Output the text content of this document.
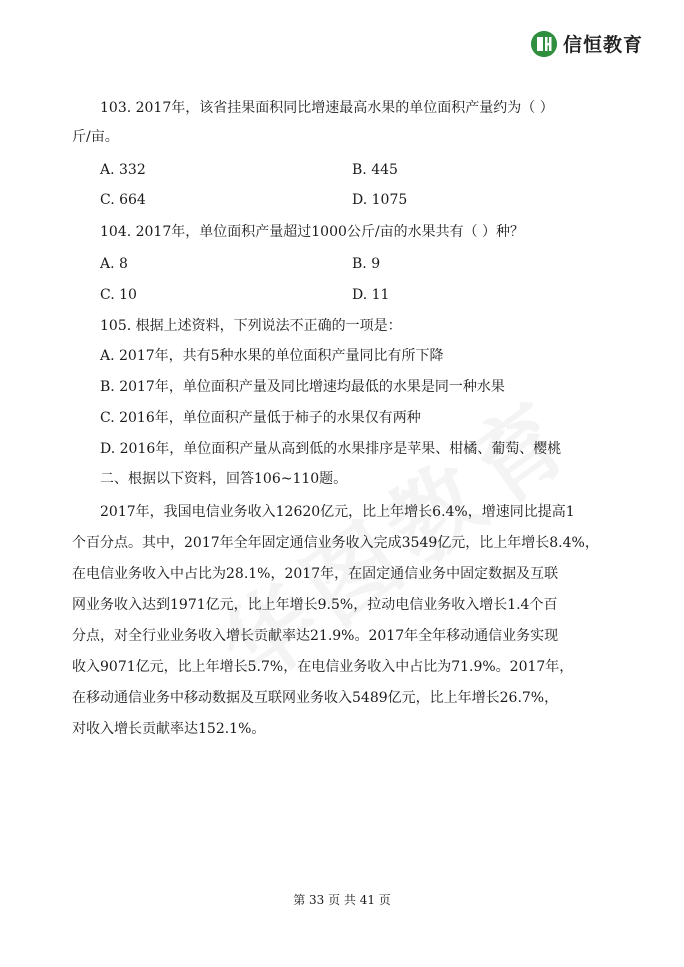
信恒教育
103. 2017年，该省挂果面积同比增速最高水果的单位面积产量约为（ ）
斤/亩。
A. 332	B. 445
C. 664	D. 1075
104. 2017年，单位面积产量超过1000公斤/亩的水果共有（ ）种？
A. 8	B. 9
C. 10	D. 11
105. 根据上述资料，下列说法不正确的一项是：
A. 2017年，共有5种水果的单位面积产量同比有所下降
B. 2017年，单位面积产量及同比增速均最低的水果是同一种水果
C. 2016年，单位面积产量低于柿子的水果仅有两种
D. 2016年，单位面积产量从高到低的水果排序是苹果、柑橘、葡萄、樱桃
二、根据以下资料，回答106~110题。
2017年，我国电信业务收入12620亿元，比上年增长6.4%，增速同比提高1
个百分点。其中，2017年全年固定通信业务收入完成3549亿元，比上年增长8.4%，
在电信业务收入中占比为28.1%，2017年，在固定通信业务中固定数据及互联
网业务收入达到1971亿元，比上年增长9.5%，拉动电信业务收入增长1.4个百
分点，对全行业业务收入增长贡献率达21.9%。2017年全年移动通信业务实现
收入9071亿元，比上年增长5.7%，在电信业务收入中占比为71.9%。2017年，
在移动通信业务中移动数据及互联网业务收入5489亿元，比上年增长26.7%，
对收入增长贡献率达152.1%。
第 33 页 共 41 页
